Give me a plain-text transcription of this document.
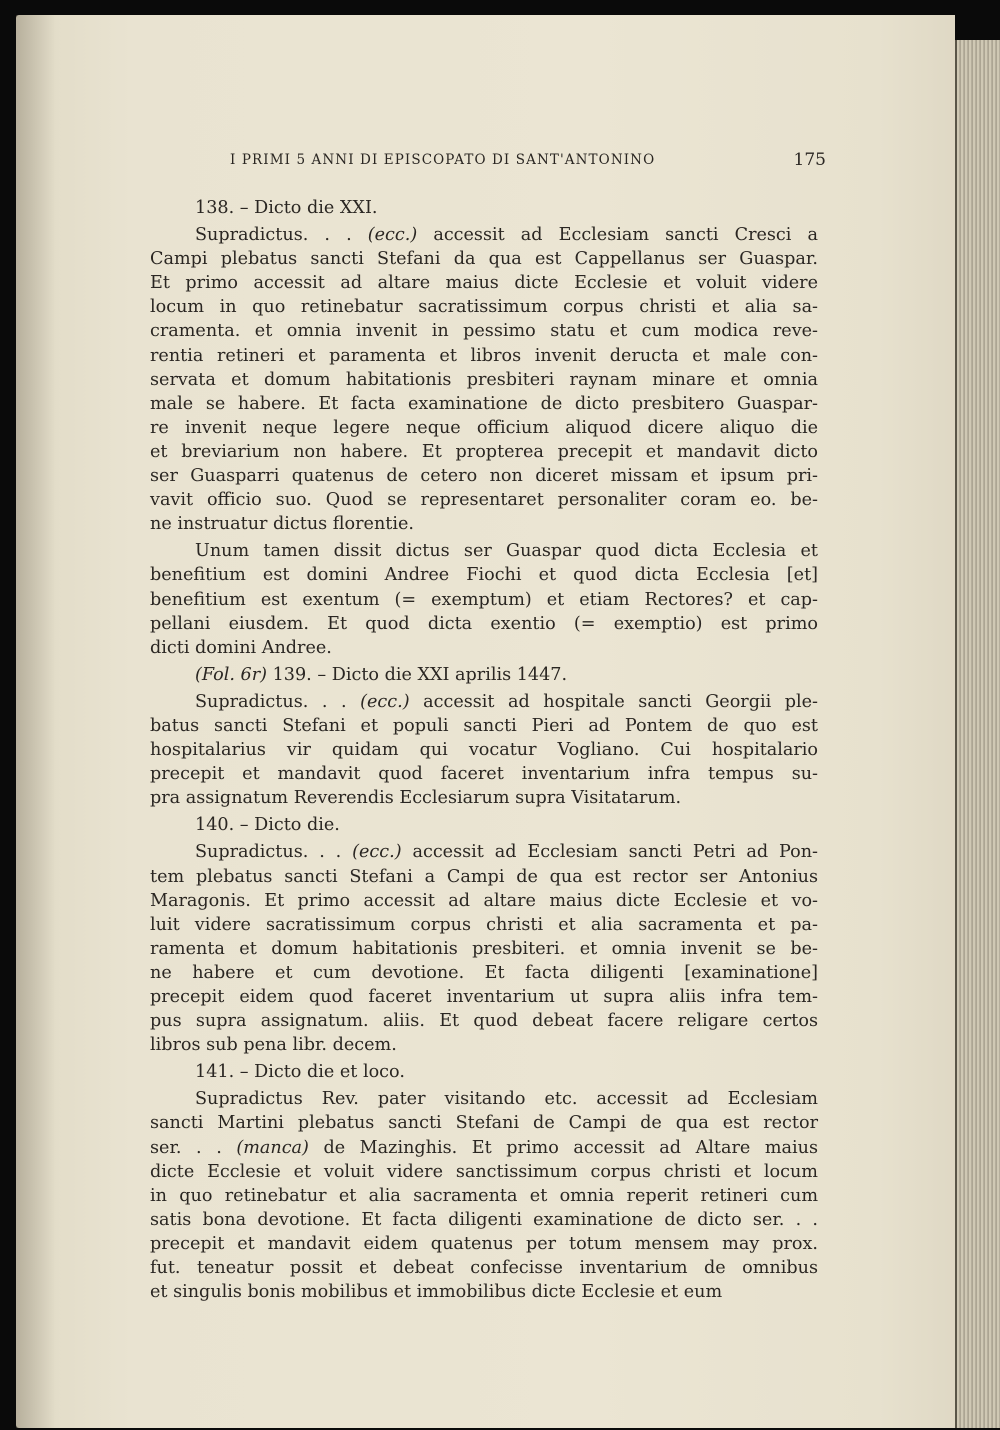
I PRIMI 5 ANNI DI EPISCOPATO DI SANT'ANTONINO	175
138. – Dicto die XXI.
Supradictus. . . (ecc.) accessit ad Ecclesiam sancti Cresci a
Campi plebatus sancti Stefani da qua est Cappellanus ser Guaspar.
Et primo accessit ad altare maius dicte Ecclesie et voluit videre
locum in quo retinebatur sacratissimum corpus christi et alia sa-
cramenta. et omnia invenit in pessimo statu et cum modica reve-
rentia retineri et paramenta et libros invenit deructa et male con-
servata et domum habitationis presbiteri raynam minare et omnia
male se habere. Et facta examinatione de dicto presbitero Guaspar-
re invenit neque legere neque officium aliquod dicere aliquo die
et breviarium non habere. Et propterea precepit et mandavit dicto
ser Guasparri quatenus de cetero non diceret missam et ipsum pri-
vavit officio suo. Quod se representaret personaliter coram eo. be-
ne instruatur dictus florentie.
Unum tamen dissit dictus ser Guaspar quod dicta Ecclesia et
benefitium est domini Andree Fiochi et quod dicta Ecclesia [et]
benefitium est exentum (= exemptum) et etiam Rectores? et cap-
pellani eiusdem. Et quod dicta exentio (= exemptio) est primo
dicti domini Andree.
(Fol. 6r) 139. – Dicto die XXI aprilis 1447.
Supradictus. . . (ecc.) accessit ad hospitale sancti Georgii ple-
batus sancti Stefani et populi sancti Pieri ad Pontem de quo est
hospitalarius vir quidam qui vocatur Vogliano. Cui hospitalario
precepit et mandavit quod faceret inventarium infra tempus su-
pra assignatum Reverendis Ecclesiarum supra Visitatarum.
140. – Dicto die.
Supradictus. . . (ecc.) accessit ad Ecclesiam sancti Petri ad Pon-
tem plebatus sancti Stefani a Campi de qua est rector ser Antonius
Maragonis. Et primo accessit ad altare maius dicte Ecclesie et vo-
luit videre sacratissimum corpus christi et alia sacramenta et pa-
ramenta et domum habitationis presbiteri. et omnia invenit se be-
ne habere et cum devotione. Et facta diligenti [examinatione]
precepit eidem quod faceret inventarium ut supra aliis infra tem-
pus supra assignatum. aliis. Et quod debeat facere religare certos
libros sub pena libr. decem.
141. – Dicto die et loco.
Supradictus Rev. pater visitando etc. accessit ad Ecclesiam
sancti Martini plebatus sancti Stefani de Campi de qua est rector
ser. . . (manca) de Mazinghis. Et primo accessit ad Altare maius
dicte Ecclesie et voluit videre sanctissimum corpus christi et locum
in quo retinebatur et alia sacramenta et omnia reperit retineri cum
satis bona devotione. Et facta diligenti examinatione de dicto ser. . .
precepit et mandavit eidem quatenus per totum mensem may prox.
fut. teneatur possit et debeat confecisse inventarium de omnibus
et singulis bonis mobilibus et immobilibus dicte Ecclesie et eum
